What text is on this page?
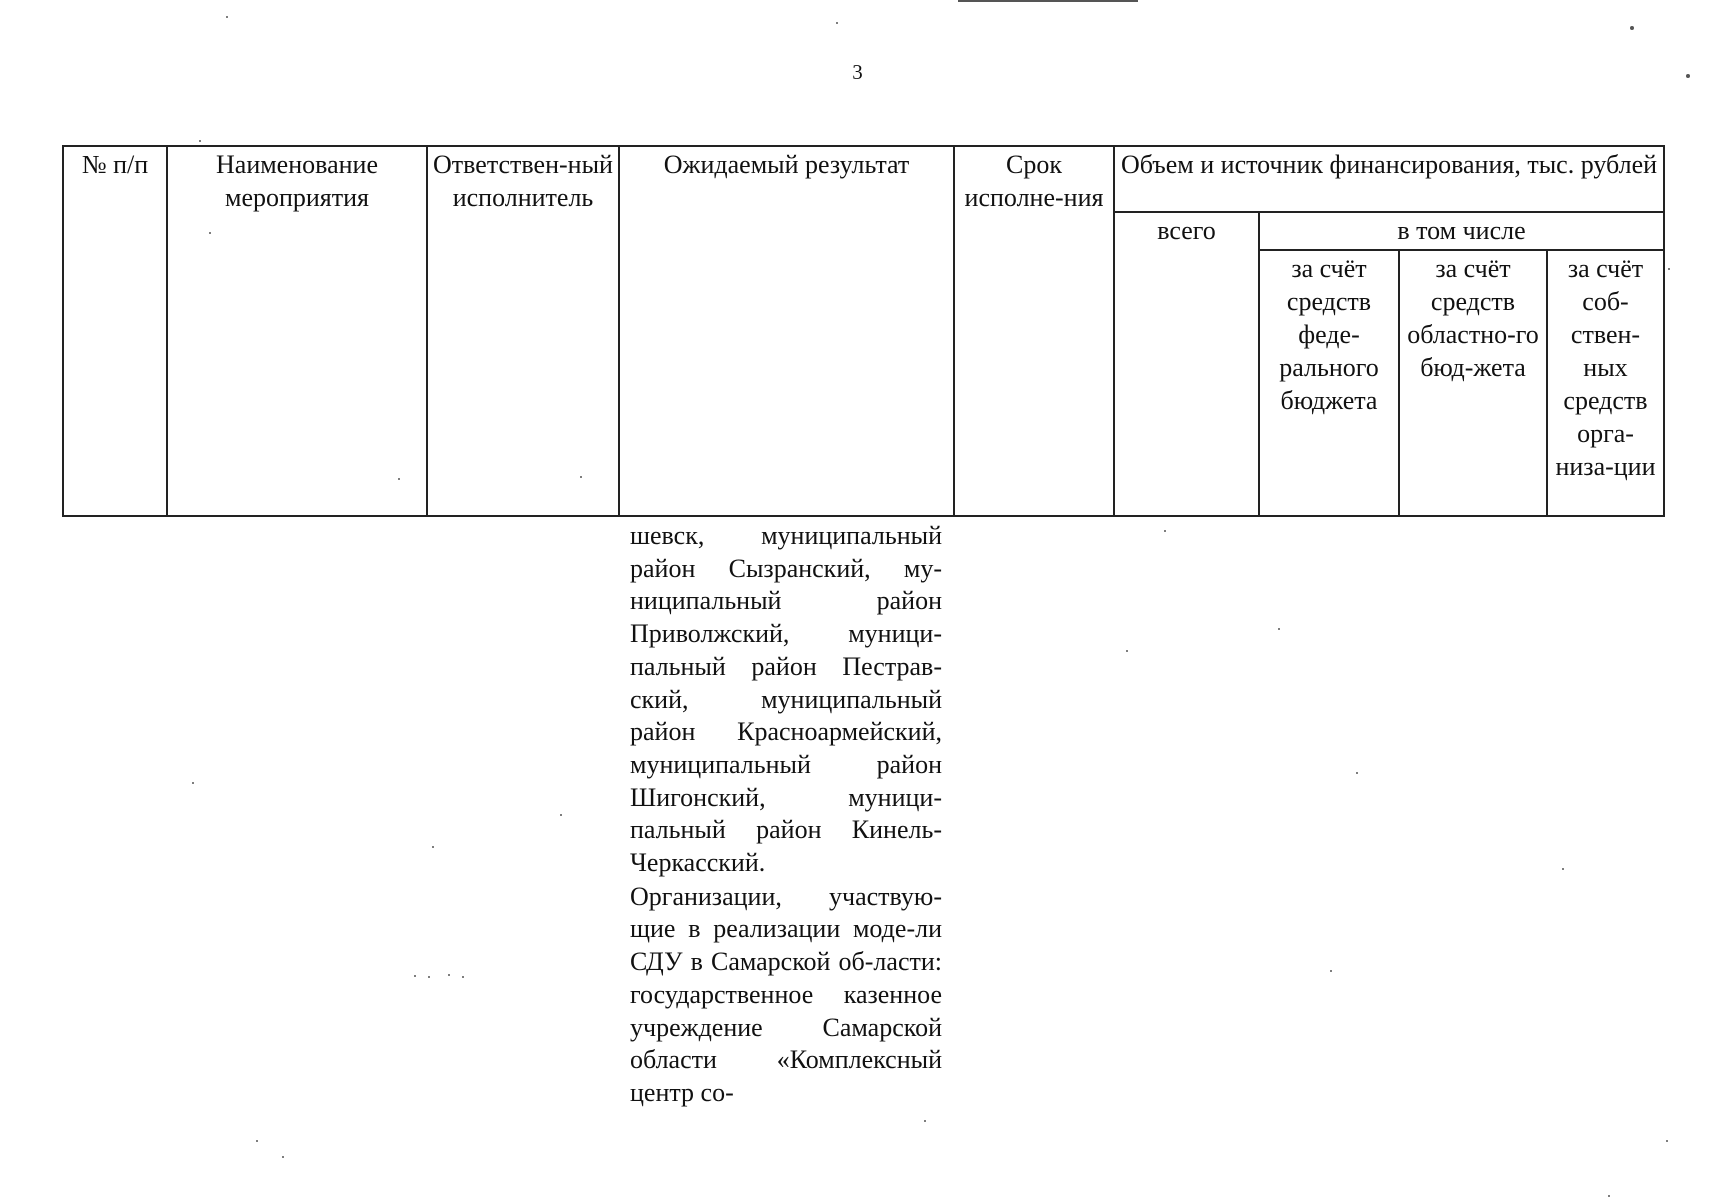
3
№ п/п	Наименование мероприятия	Ответствен-ный исполнитель	Ожидаемый результат	Срок исполне-ния	Объем и источник финансирования, тыс. рублей			
					всего	в том числе		
						за счёт средств феде-рального бюджета	за счёт средств областно-го бюд-жета	за счёт соб-ствен-ных средств орга-низа-ции

шевск, муниципальный район Сызранский, му-ниципальный район Приволжский, муници-пальный район Пестрав-ский, муниципальный район Красноармейский, муниципальный район Шигонский, муници-пальный район Кинель-Черкасский.

Организации, участвую-щие в реализации моде-ли СДУ в Самарской об-ласти: государственное казенное учреждение Самарской области «Комплексный центр со-
